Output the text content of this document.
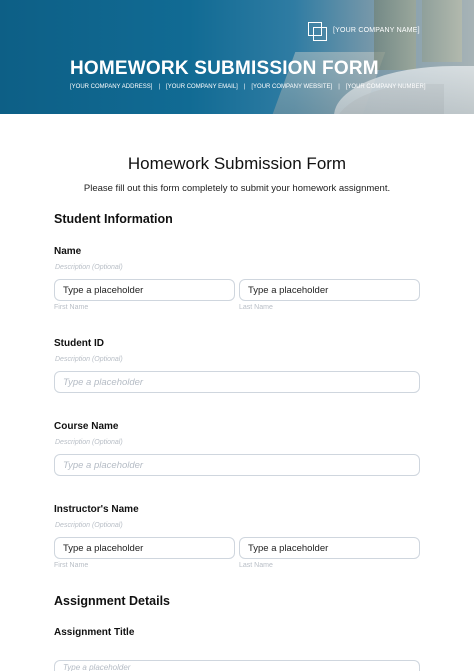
[YOUR COMPANY NAME]
HOMEWORK SUBMISSION FORM
[YOUR COMPANY ADDRESS] | [YOUR COMPANY EMAIL] | [YOUR COMPANY WEBSITE] | [YOUR COMPANY NUMBER]
Homework Submission Form
Please fill out this form completely to submit your homework assignment.
Student Information
Name
Description (Optional)
Type a placeholder	Type a placeholder
First Name	Last Name
Student ID
Description (Optional)
Type a placeholder
Course Name
Description (Optional)
Type a placeholder
Instructor's Name
Description (Optional)
Type a placeholder	Type a placeholder
First Name	Last Name
Assignment Details
Assignment Title
Type a placeholder
